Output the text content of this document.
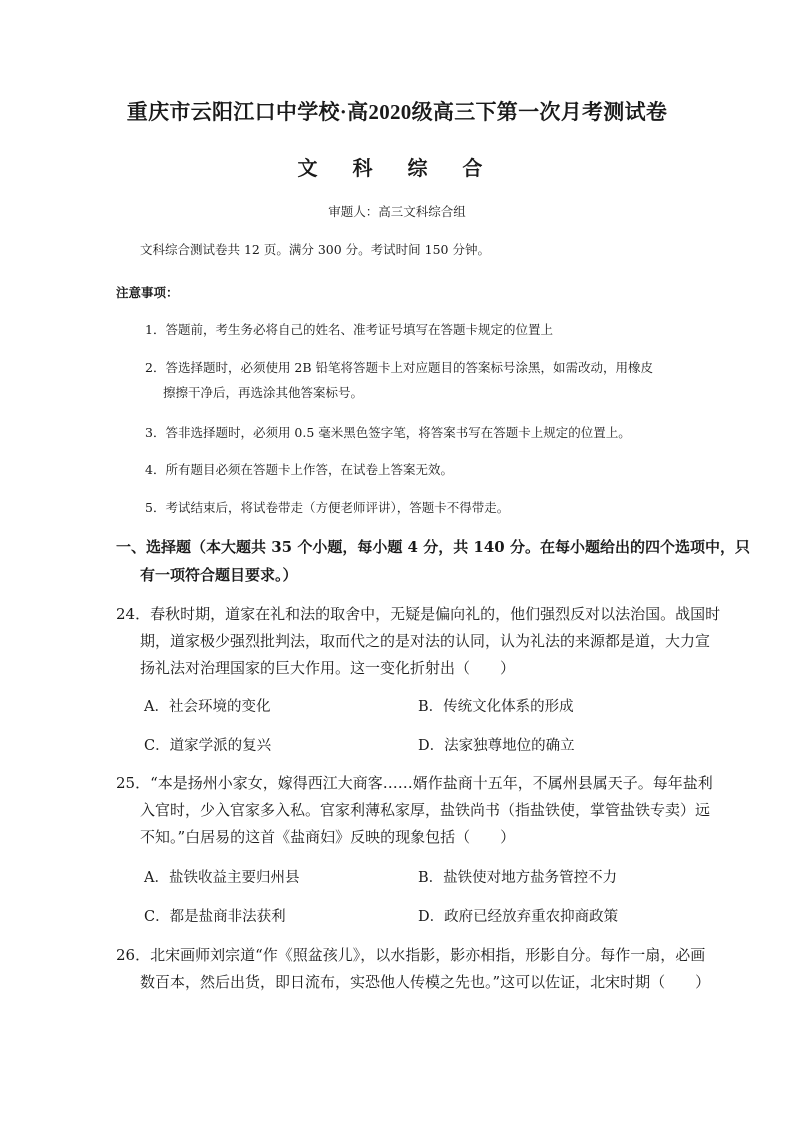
重庆市云阳江口中学校·高2020级高三下第一次月考测试卷
文 科 综 合
审题人：高三文科综合组
文科综合测试卷共 12 页。满分 300 分。考试时间 150 分钟。
注意事项：
1．答题前，考生务必将自己的姓名、准考证号填写在答题卡规定的位置上
2．答选择题时，必须使用 2B 铅笔将答题卡上对应题目的答案标号涂黑，如需改动，用橡皮
擦擦干净后，再选涂其他答案标号。
3．答非选择题时，必须用 0.5 毫米黑色签字笔，将答案书写在答题卡上规定的位置上。
4．所有题目必须在答题卡上作答，在试卷上答案无效。
5．考试结束后，将试卷带走（方便老师评讲），答题卡不得带走。
一、选择题（本大题共 35 个小题，每小题 4 分，共 140 分。在每小题给出的四个选项中，只
有一项符合题目要求。）
24．春秋时期，道家在礼和法的取舍中，无疑是偏向礼的，他们强烈反对以法治国。战国时
期，道家极少强烈批判法，取而代之的是对法的认同，认为礼法的来源都是道，大力宣
扬礼法对治理国家的巨大作用。这一变化折射出（　　）
A．社会环境的变化	B．传统文化体系的形成
C．道家学派的复兴	D．法家独尊地位的确立
25．“本是扬州小家女，嫁得西江大商客……婿作盐商十五年，不属州县属天子。每年盐利
入官时，少入官家多入私。官家利薄私家厚，盐铁尚书（指盐铁使，掌管盐铁专卖）远
不知。”白居易的这首《盐商妇》反映的现象包括（　　）
A．盐铁收益主要归州县	B．盐铁使对地方盐务管控不力
C．都是盐商非法获利	D．政府已经放弃重农抑商政策
26．北宋画师刘宗道“作《照盆孩儿》，以水指影，影亦相指，形影自分。每作一扇，必画
数百本，然后出货，即日流布，实恐他人传模之先也。”这可以佐证，北宋时期（　　）
